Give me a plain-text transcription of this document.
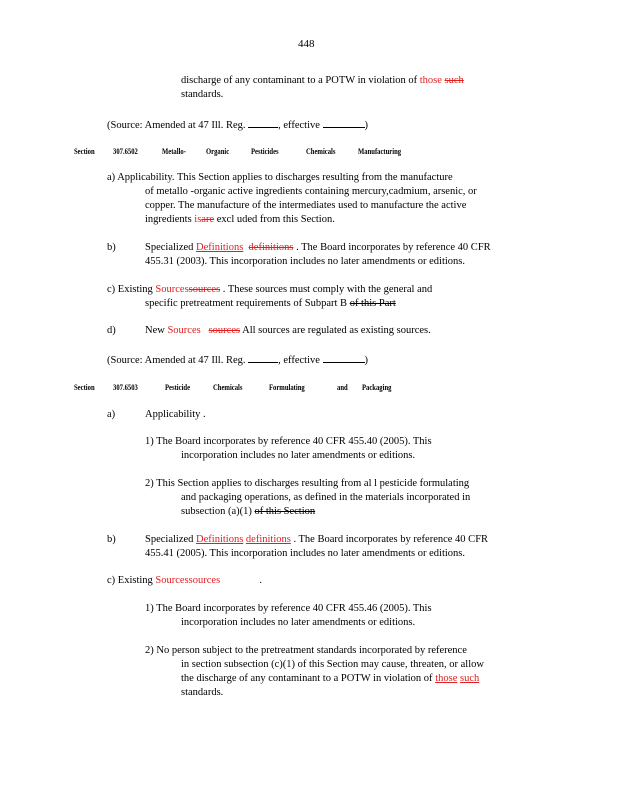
448
discharge of any contaminant to a POTW in violation of those such
standards.
(Source: Amended at 47 Ill. Reg.	, effective	)
Section 307.6502	Metallo- Organic	Pesticides	Chemicals	Manufacturing
a) Applicability. This Section applies to discharges resulting from the manufacture
of metallo -organic active ingredients containing mercury,cadmium, arsenic, or
copper. The manufacture of the intermediates used to manufacture the active
ingredients isare excl uded from this Section.
b)	Specialized Definitions definitions . The Board incorporates by reference 40 CFR
455.31 (2003). This incorporation includes no later amendments or editions.
c) Existing Sourcessources . These sources must comply with the general and
specific pretreatment requirements of Subpart B of this Part
d)	New Sources sources All sources are regulated as existing sources.
(Source: Amended at 47 Ill. Reg.	, effective	)
Section 307.6503	Pesticide	Chemicals	Formulating	and Packaging
a)	Applicability .
1) The Board incorporates by reference 40 CFR 455.40 (2005). This
incorporation includes no later amendments or editions.
2) This Section applies to discharges resulting from al l pesticide formulating
and packaging operations, as defined in the materials incorporated in
subsection (a)(1) of this Section
b)	Specialized Definitions definitions . The Board incorporates by reference 40 CFR
455.41 (2005). This incorporation includes no later amendments or editions.
c) Existing Sourcessources	.
1) The Board incorporates by reference 40 CFR 455.46 (2005). This
incorporation includes no later amendments or editions.
2) No person subject to the pretreatment standards incorporated by reference
in section subsection (c)(1) of this Section may cause, threaten, or allow
the discharge of any contaminant to a POTW in violation of those such
standards.
